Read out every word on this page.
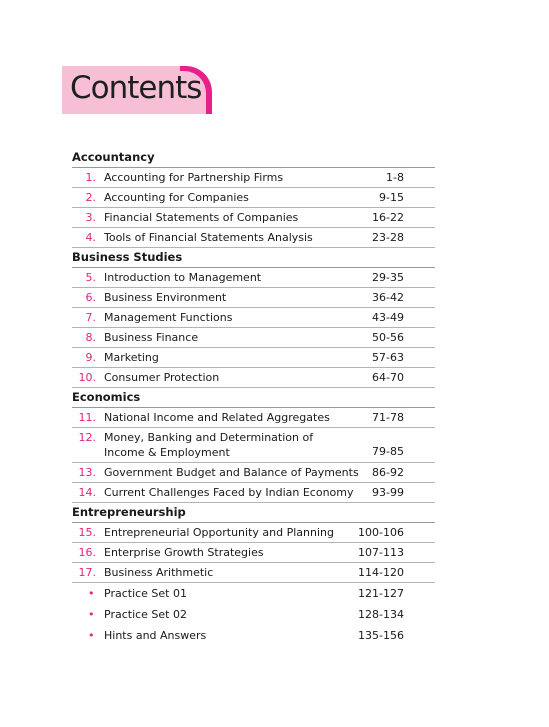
Contents
Accountancy
1. Accounting for Partnership Firms	1-8
2. Accounting for Companies	9-15
3. Financial Statements of Companies	16-22
4. Tools of Financial Statements Analysis	23-28
Business Studies
5. Introduction to Management	29-35
6. Business Environment	36-42
7. Management Functions	43-49
8. Business Finance	50-56
9. Marketing	57-63
10. Consumer Protection	64-70
Economics
11. National Income and Related Aggregates	71-78
12. Money, Banking and Determination of Income & Employment	79-85
13. Government Budget and Balance of Payments 86-92
14. Current Challenges Faced by Indian Economy 93-99
Entrepreneurship
15. Entrepreneurial Opportunity and Planning 100-106
16. Enterprise Growth Strategies	107-113
17. Business Arithmetic	114-120
• Practice Set 01	121-127
• Practice Set 02	128-134
• Hints and Answers	135-156
